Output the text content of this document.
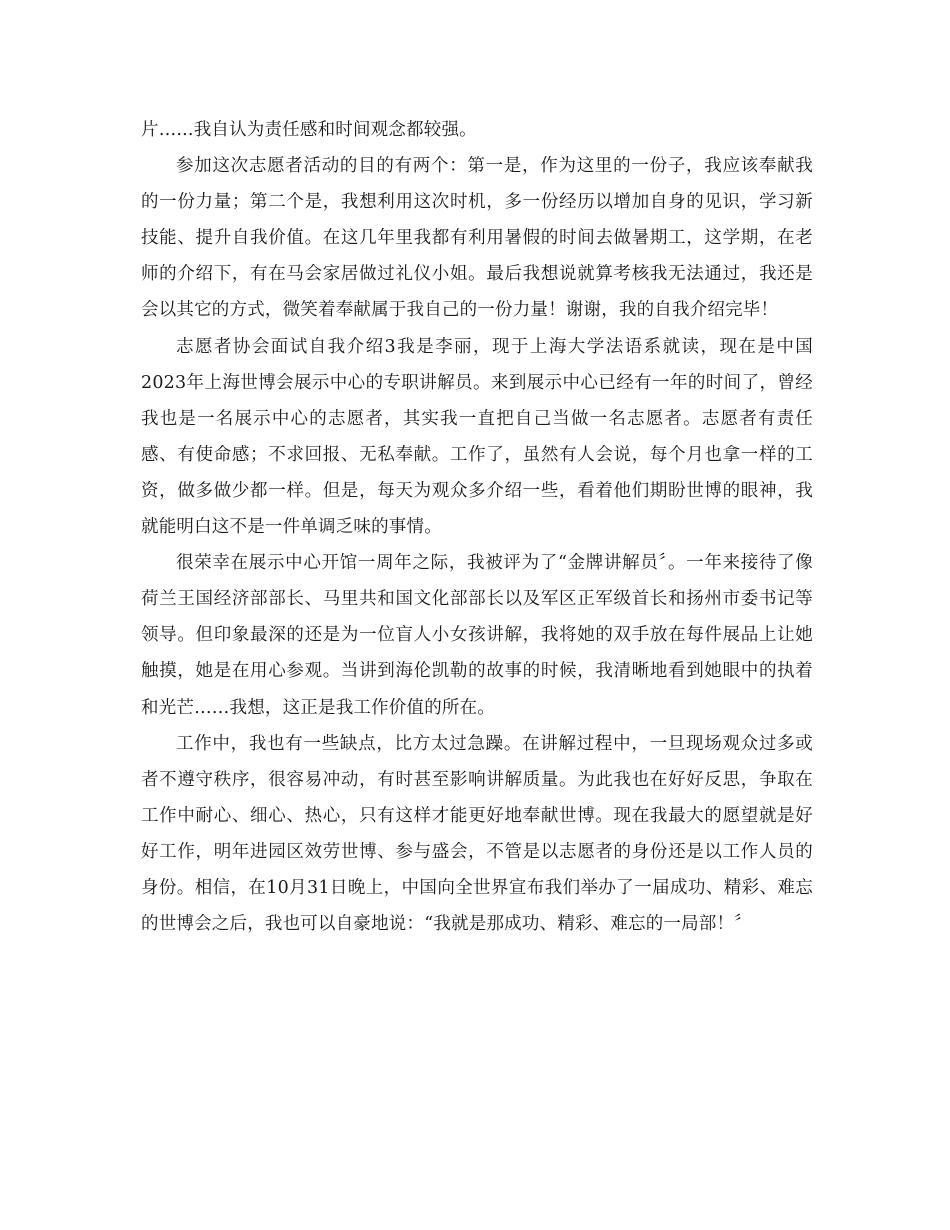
片…...我自认为责任感和时间观念都较强。

参加这次志愿者活动的目的有两个：第一是，作为这里的一份子，我应该奉献我的一份力量；第二个是，我想利用这次时机，多一份经历以增加自身的见识，学习新技能、提升自我价值。在这几年里我都有利用暑假的时间去做暑期工，这学期，在老师的介绍下，有在马会家居做过礼仪小姐。最后我想说就算考核我无法通过，我还是会以其它的方式，微笑着奉献属于我自己的一份力量！谢谢，我的自我介绍完毕！

志愿者协会面试自我介绍3我是李丽，现于上海大学法语系就读，现在是中国2023年上海世博会展示中心的专职讲解员。来到展示中心已经有一年的时间了，曾经我也是一名展示中心的志愿者，其实我一直把自己当做一名志愿者。志愿者有责任感、有使命感；不求回报、无私奉献。工作了，虽然有人会说，每个月也拿一样的工资，做多做少都一样。但是，每天为观众多介绍一些，看着他们期盼世博的眼神，我就能明白这不是一件单调乏味的事情。

很荣幸在展示中心开馆一周年之际，我被评为了“金牌讲解员〞。一年来接待了像荷兰王国经济部部长、马里共和国文化部部长以及军区正军级首长和扬州市委书记等领导。但印象最深的还是为一位盲人小女孩讲解，我将她的双手放在每件展品上让她触摸，她是在用心参观。当讲到海伦凯勒的故事的时候，我清晰地看到她眼中的执着和光芒……我想，这正是我工作价值的所在。

工作中，我也有一些缺点，比方太过急躁。在讲解过程中，一旦现场观众过多或者不遵守秩序，很容易冲动，有时甚至影响讲解质量。为此我也在好好反思，争取在工作中耐心、细心、热心，只有这样才能更好地奉献世博。现在我最大的愿望就是好好工作，明年进园区效劳世博、参与盛会，不管是以志愿者的身份还是以工作人员的身份。相信，在10月31日晚上，中国向全世界宣布我们举办了一届成功、精彩、难忘的世博会之后，我也可以自豪地说：“我就是那成功、精彩、难忘的一局部！〞
